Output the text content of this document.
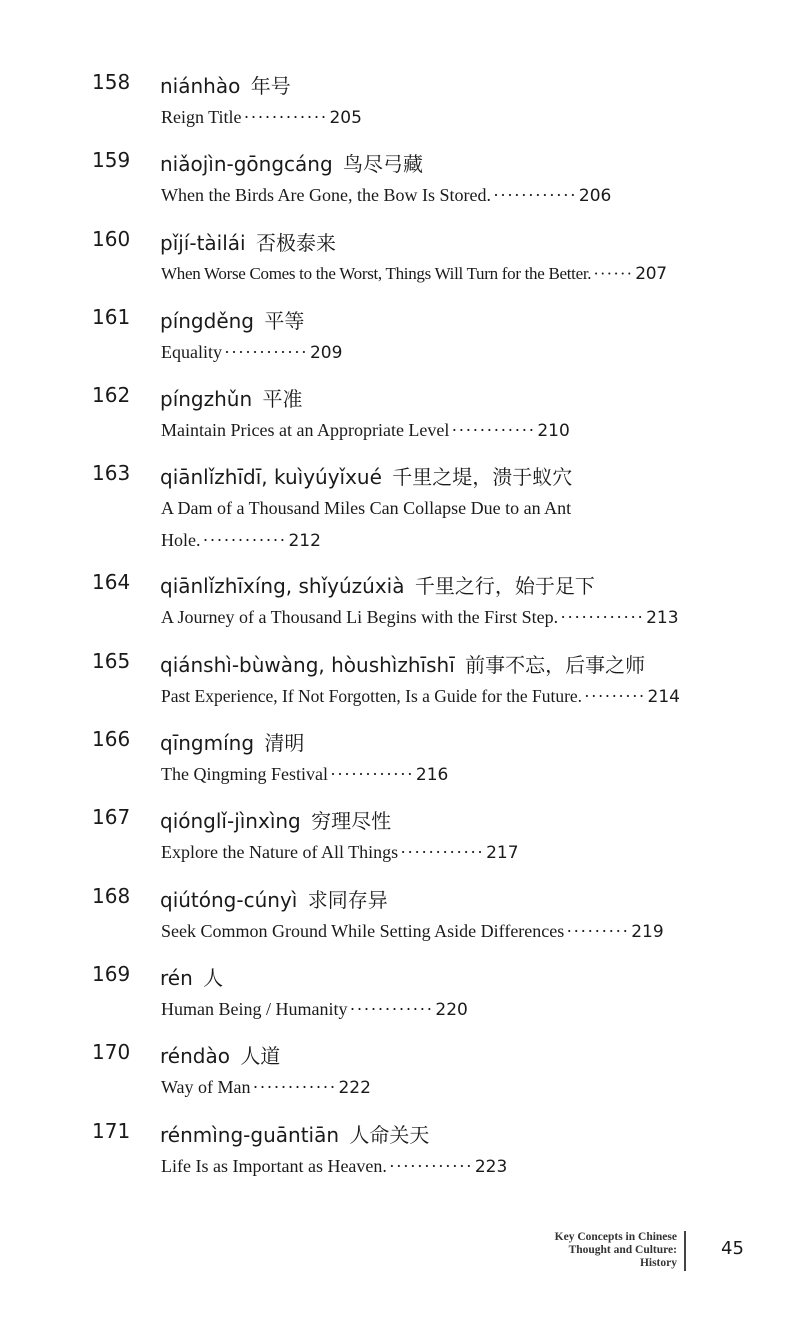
158 niánhào 年号
Reign Title ············ 205
159 niǎojìn-gōngcáng 鸟尽弓藏
When the Birds Are Gone, the Bow Is Stored. ············ 206
160 pǐjí-tàilái 否极泰来
When Worse Comes to the Worst, Things Will Turn for the Better. ······ 207
161 píngděng 平等
Equality ············ 209
162 píngzhǔn 平准
Maintain Prices at an Appropriate Level ············ 210
163 qiānlǐzhīdī, kuìyúyǐxué 千里之堤，溃于蚁穴
A Dam of a Thousand Miles Can Collapse Due to an Ant Hole. ············ 212
164 qiānlǐzhīxíng, shǐyúzúxià 千里之行，始于足下
A Journey of a Thousand Li Begins with the First Step. ············ 213
165 qiánshì-bùwàng, hòushìzhīshī 前事不忘，后事之师
Past Experience, If Not Forgotten, Is a Guide for the Future. ········· 214
166 qīngmíng 清明
The Qingming Festival ············ 216
167 qiónglǐ-jìnxìng 穷理尽性
Explore the Nature of All Things ············ 217
168 qiútóng-cúnyì 求同存异
Seek Common Ground While Setting Aside Differences ········· 219
169 rén 人
Human Being / Humanity ············ 220
170 réndào 人道
Way of Man ············ 222
171 rénmìng-guāntiān 人命关天
Life Is as Important as Heaven. ············ 223
Key Concepts in Chinese
Thought and Culture:
History
45
